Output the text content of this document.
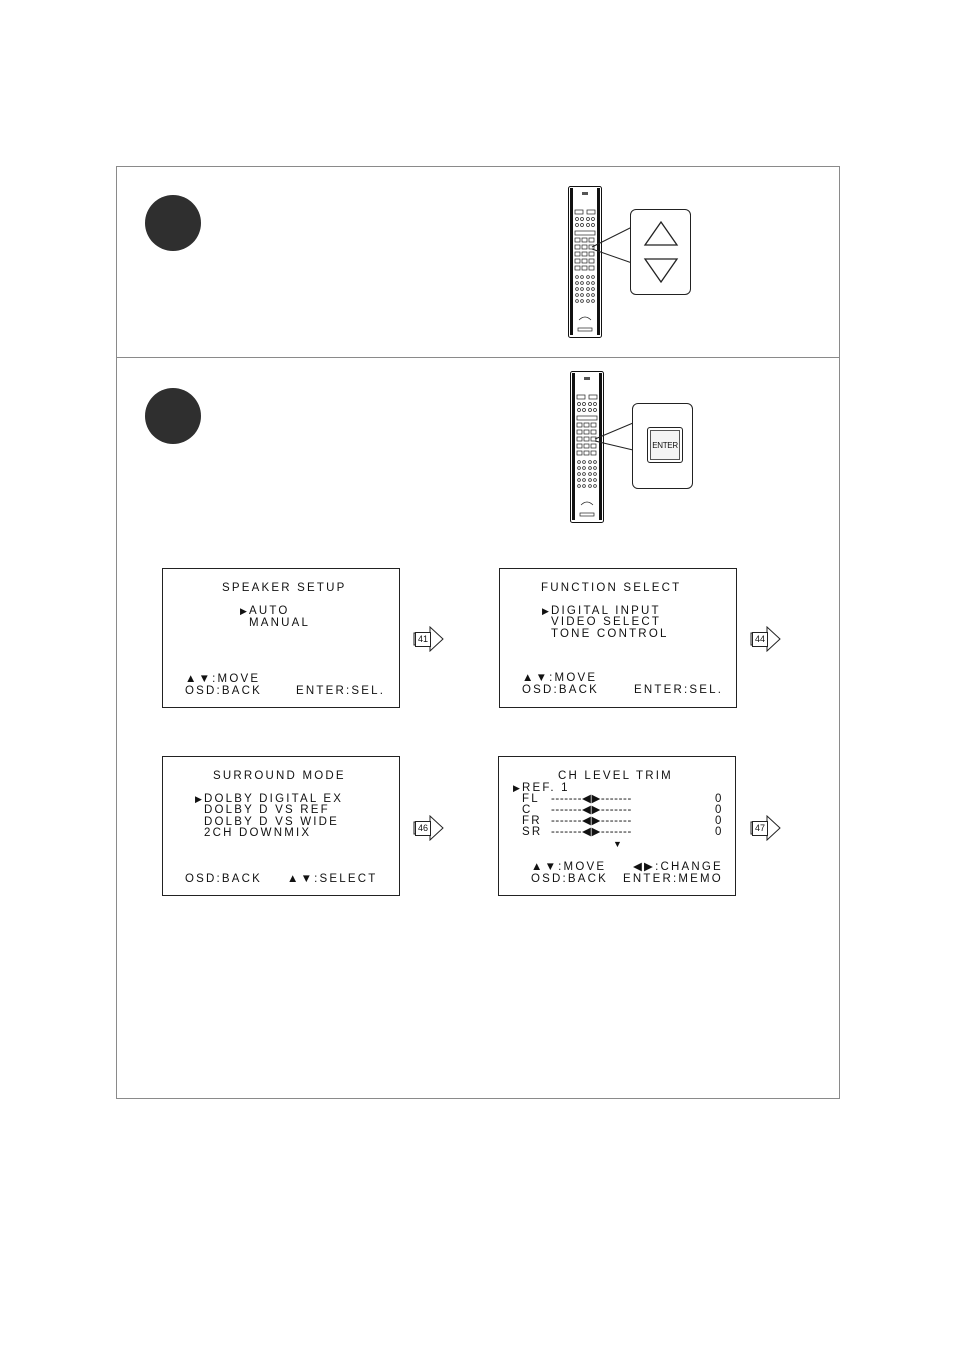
ENTER
SPEAKER SETUP
▶ AUTO
MANUAL
▲▼:MOVE
OSD:BACK	ENTER:SEL.
FUNCTION SELECT
▶ DIGITAL INPUT
VIDEO SELECT
TONE CONTROL
▲▼:MOVE
OSD:BACK	ENTER:SEL.
SURROUND MODE
▶ DOLBY DIGITAL EX
DOLBY D VS REF
DOLBY D VS WIDE
2CH DOWNMIX
OSD:BACK ▲▼:SELECT
CH LEVEL TRIM
▶ REF. 1
FL -------◀▶-------	0
C -------◀▶-------	0
FR -------◀▶-------	0
SR -------◀▶-------	0
▼
▲▼:MOVE ◀▶:CHANGE
OSD:BACK ENTER:MEMO
41	44
46	47
